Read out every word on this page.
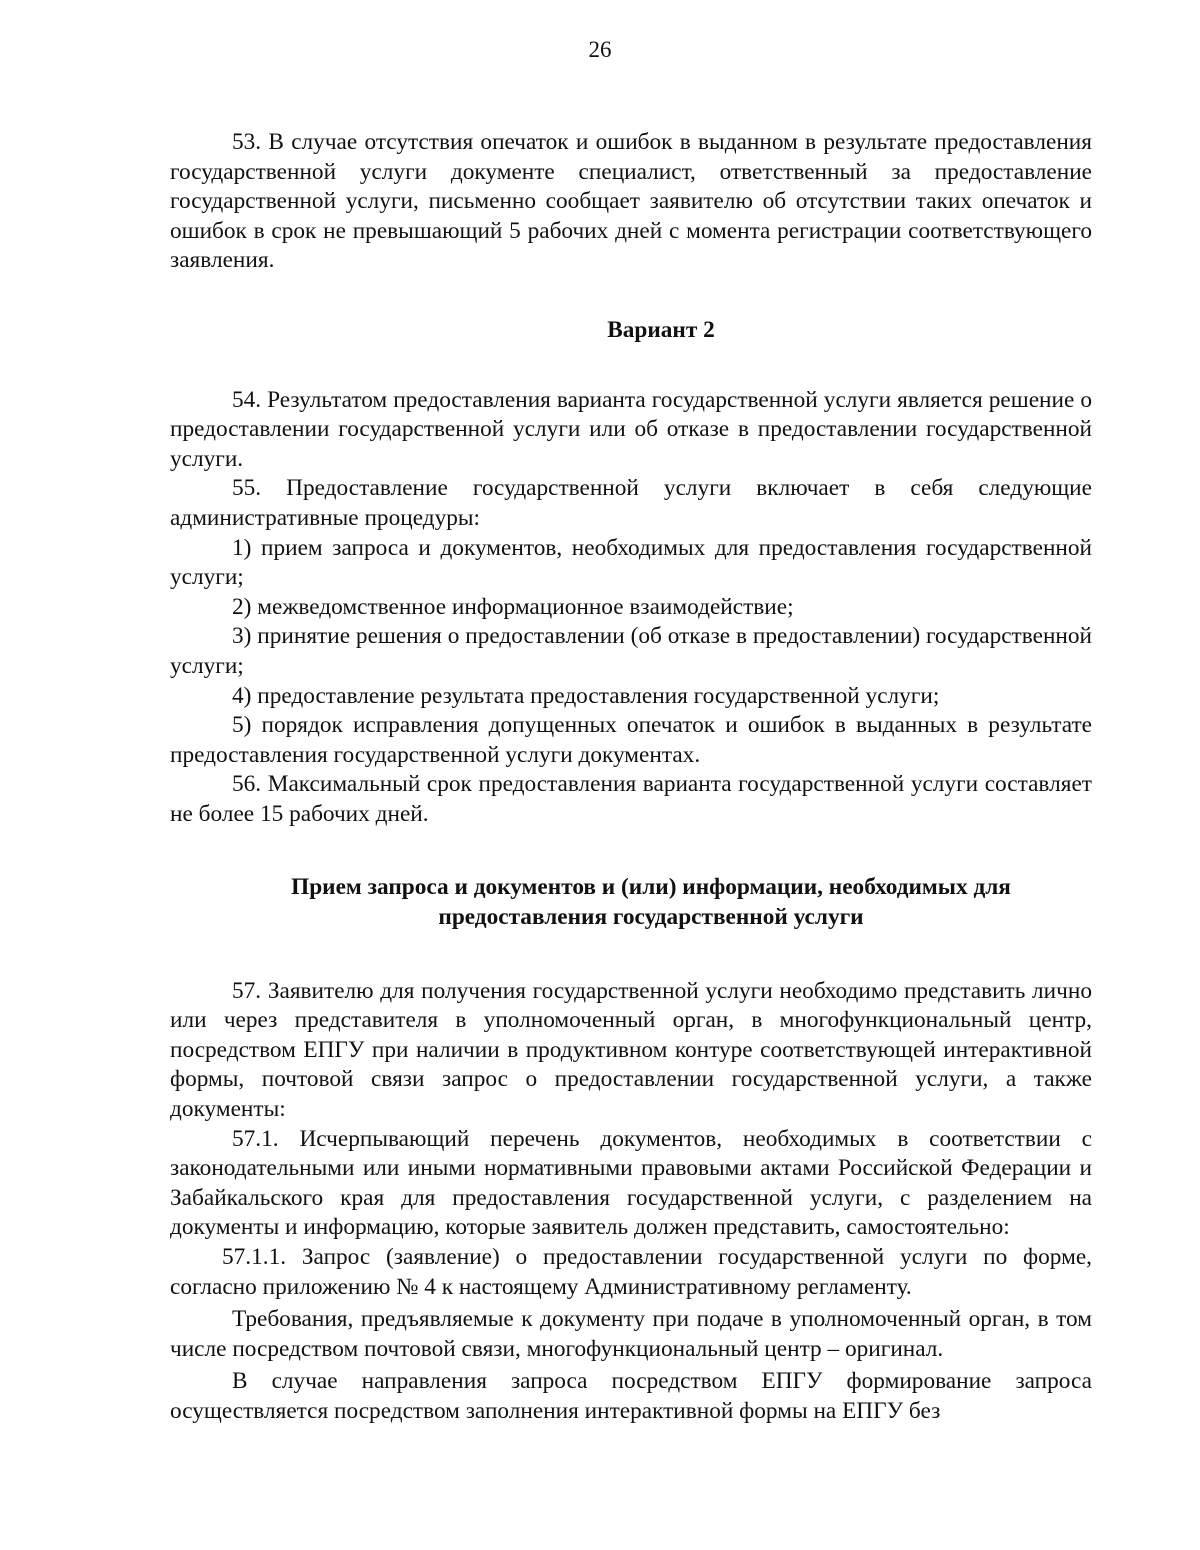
26

53. В случае отсутствия опечаток и ошибок в выданном в результате предоставления государственной услуги документе специалист, ответственный за предоставление государственной услуги, письменно сообщает заявителю об отсутствии таких опечаток и ошибок в срок не превышающий 5 рабочих дней с момента регистрации соответствующего заявления.

Вариант 2

54. Результатом предоставления варианта государственной услуги является решение о предоставлении государственной услуги или об отказе в предоставлении государственной услуги.

55. Предоставление государственной услуги включает в себя следующие административные процедуры:

1) прием запроса и документов, необходимых для предоставления государственной услуги;

2) межведомственное информационное взаимодействие;

3) принятие решения о предоставлении (об отказе в предоставлении) государственной услуги;

4) предоставление результата предоставления государственной услуги;

5) порядок исправления допущенных опечаток и ошибок в выданных в результате предоставления государственной услуги документах.

56. Максимальный срок предоставления варианта государственной услуги составляет не более 15 рабочих дней.

Прием запроса и документов и (или) информации, необходимых для
предоставления государственной услуги

57. Заявителю для получения государственной услуги необходимо представить лично или через представителя в уполномоченный орган, в многофункциональный центр, посредством ЕПГУ при наличии в продуктивном контуре соответствующей интерактивной формы, почтовой связи запрос о предоставлении государственной услуги, а также документы:

57.1. Исчерпывающий перечень документов, необходимых в соответствии с законодательными или иными нормативными правовыми актами Российской Федерации и Забайкальского края для предоставления государственной услуги, с разделением на документы и информацию, которые заявитель должен представить, самостоятельно:

57.1.1. Запрос (заявление) о предоставлении государственной услуги по форме, согласно приложению № 4 к настоящему Административному регламенту.

Требования, предъявляемые к документу при подаче в уполномоченный орган, в том числе посредством почтовой связи, многофункциональный центр – оригинал.

В случае направления запроса посредством ЕПГУ формирование запроса осуществляется посредством заполнения интерактивной формы на ЕПГУ без
